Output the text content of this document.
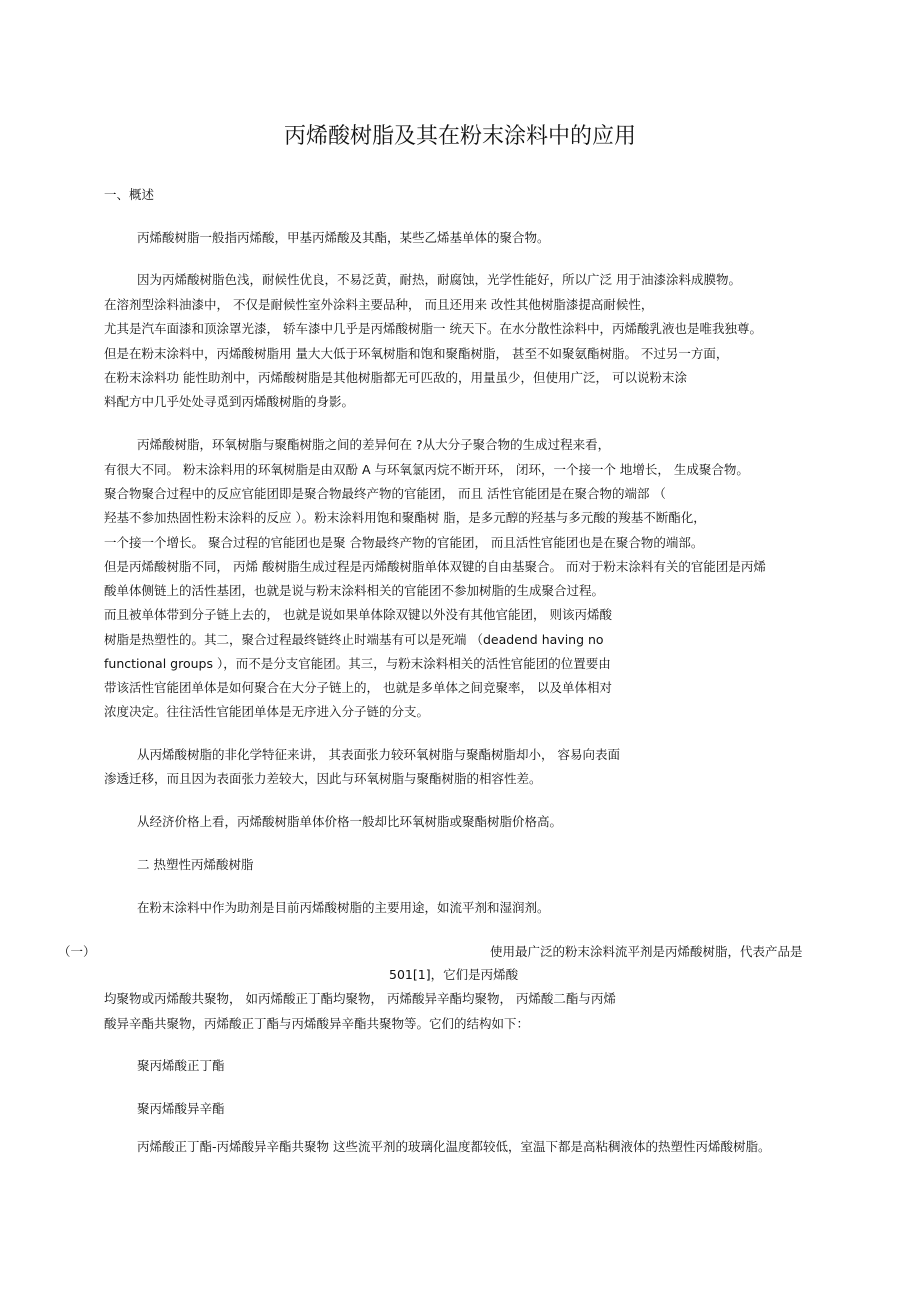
丙烯酸树脂及其在粉末涂料中的应用
一、概述
丙烯酸树脂一般指丙烯酸，甲基丙烯酸及其酯，某些乙烯基单体的聚合物。
因为丙烯酸树脂色浅，耐候性优良，不易泛黄，耐热，耐腐蚀，光学性能好，所以广泛 用于油漆涂料成膜物。
在溶剂型涂料油漆中， 不仅是耐候性室外涂料主要品种， 而且还用来 改性其他树脂漆提高耐候性，
尤其是汽车面漆和顶涂罩光漆， 轿车漆中几乎是丙烯酸树脂一 统天下。在水分散性涂料中，丙烯酸乳液也是唯我独尊。
但是在粉末涂料中，丙烯酸树脂用 量大大低于环氧树脂和饱和聚酯树脂， 甚至不如聚氨酯树脂。 不过另一方面，
在粉末涂料功 能性助剂中，丙烯酸树脂是其他树脂都无可匹敌的，用量虽少，但使用广泛， 可以说粉末涂
料配方中几乎处处寻觅到丙烯酸树脂的身影。
丙烯酸树脂，环氧树脂与聚酯树脂之间的差异何在 ?从大分子聚合物的生成过程来看，
有很大不同。 粉末涂料用的环氧树脂是由双酚 A 与环氧氯丙烷不断开环， 闭环，一个接一个 地增长， 生成聚合物。
聚合物聚合过程中的反应官能团即是聚合物最终产物的官能团， 而且 活性官能团是在聚合物的端部 （
羟基不参加热固性粉末涂料的反应 ）。粉末涂料用饱和聚酯树 脂，是多元醇的羟基与多元酸的羧基不断酯化，
一个接一个增长。 聚合过程的官能团也是聚 合物最终产物的官能团， 而且活性官能团也是在聚合物的端部。
但是丙烯酸树脂不同， 丙烯 酸树脂生成过程是丙烯酸树脂单体双键的自由基聚合。 而对于粉末涂料有关的官能团是丙烯
酸单体侧链上的活性基团，也就是说与粉末涂料相关的官能团不参加树脂的生成聚合过程。
而且被单体带到分子链上去的， 也就是说如果单体除双键以外没有其他官能团， 则该丙烯酸
树脂是热塑性的。其二，聚合过程最终链终止时端基有可以是死端 （deadend having no
functional groups ），而不是分支官能团。其三，与粉末涂料相关的活性官能团的位置要由
带该活性官能团单体是如何聚合在大分子链上的， 也就是多单体之间竞聚率， 以及单体相对
浓度决定。往往活性官能团单体是无序进入分子链的分支。
从丙烯酸树脂的非化学特征来讲， 其表面张力较环氧树脂与聚酯树脂却小， 容易向表面
渗透迁移，而且因为表面张力差较大，因此与环氧树脂与聚酯树脂的相容性差。
从经济价格上看，丙烯酸树脂单体价格一般却比环氧树脂或聚酯树脂价格高。
二 热塑性丙烯酸树脂
在粉末涂料中作为助剂是目前丙烯酸树脂的主要用途，如流平剂和湿润剂。
（一）	使用最广泛的粉末涂料流平剂是丙烯酸树脂，代表产品是
501[1]，它们是丙烯酸
均聚物或丙烯酸共聚物， 如丙烯酸正丁酯均聚物， 丙烯酸异辛酯均聚物， 丙烯酸二酯与丙烯
酸异辛酯共聚物，丙烯酸正丁酯与丙烯酸异辛酯共聚物等。它们的结构如下：
聚丙烯酸正丁酯
聚丙烯酸异辛酯
丙烯酸正丁酯-丙烯酸异辛酯共聚物 这些流平剂的玻璃化温度都较低，室温下都是高粘稠液体的热塑性丙烯酸树脂。
